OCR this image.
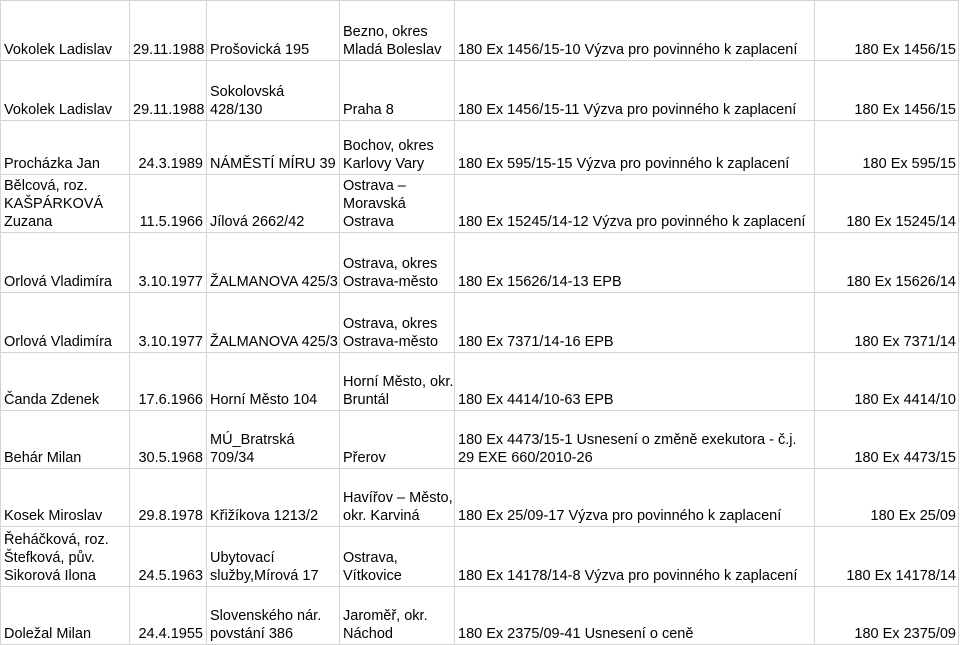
Vokolek Ladislav	29.11.1988	Prošovická 195	Bezno, okres Mladá Boleslav	180 Ex 1456/15-10 Výzva pro povinného k zaplacení	180 Ex 1456/15
Vokolek Ladislav	29.11.1988	Sokolovská 428/130	Praha 8	180 Ex 1456/15-11 Výzva pro povinného k zaplacení	180 Ex 1456/15
Procházka Jan	24.3.1989	NÁMĚSTÍ MÍRU 39	Bochov, okres Karlovy Vary	180 Ex 595/15-15 Výzva pro povinného k zaplacení	180 Ex 595/15
Bělcová, roz. KAŠPÁRKOVÁ Zuzana	11.5.1966	Jílová 2662/42	Ostrava – Moravská Ostrava	180 Ex 15245/14-12 Výzva pro povinného k zaplacení	180 Ex 15245/14
Orlová Vladimíra	3.10.1977	ŽALMANOVA 425/3	Ostrava, okres Ostrava-město	180 Ex 15626/14-13 EPB	180 Ex 15626/14
Orlová Vladimíra	3.10.1977	ŽALMANOVA 425/3	Ostrava, okres Ostrava-město	180 Ex 7371/14-16 EPB	180 Ex 7371/14
Čanda Zdenek	17.6.1966	Horní Město 104	Horní Město, okr. Bruntál	180 Ex 4414/10-63 EPB	180 Ex 4414/10
Behár Milan	30.5.1968	MÚ_Bratrská 709/34	Přerov	180 Ex 4473/15-1 Usnesení o změně exekutora - č.j. 29 EXE 660/2010-26	180 Ex 4473/15
Kosek Miroslav	29.8.1978	Křižíkova 1213/2	Havířov – Město, okr. Karviná	180 Ex 25/09-17 Výzva pro povinného k zaplacení	180 Ex 25/09
Řeháčková, roz. Štefková, pův. Sikorová Ilona	24.5.1963	Ubytovací služby,Mírová 17	Ostrava, Vítkovice	180 Ex 14178/14-8 Výzva pro povinného k zaplacení	180 Ex 14178/14
Doležal Milan	24.4.1955	Slovenského nár. povstání 386	Jaroměř, okr. Náchod	180 Ex 2375/09-41 Usnesení o ceně	180 Ex 2375/09
